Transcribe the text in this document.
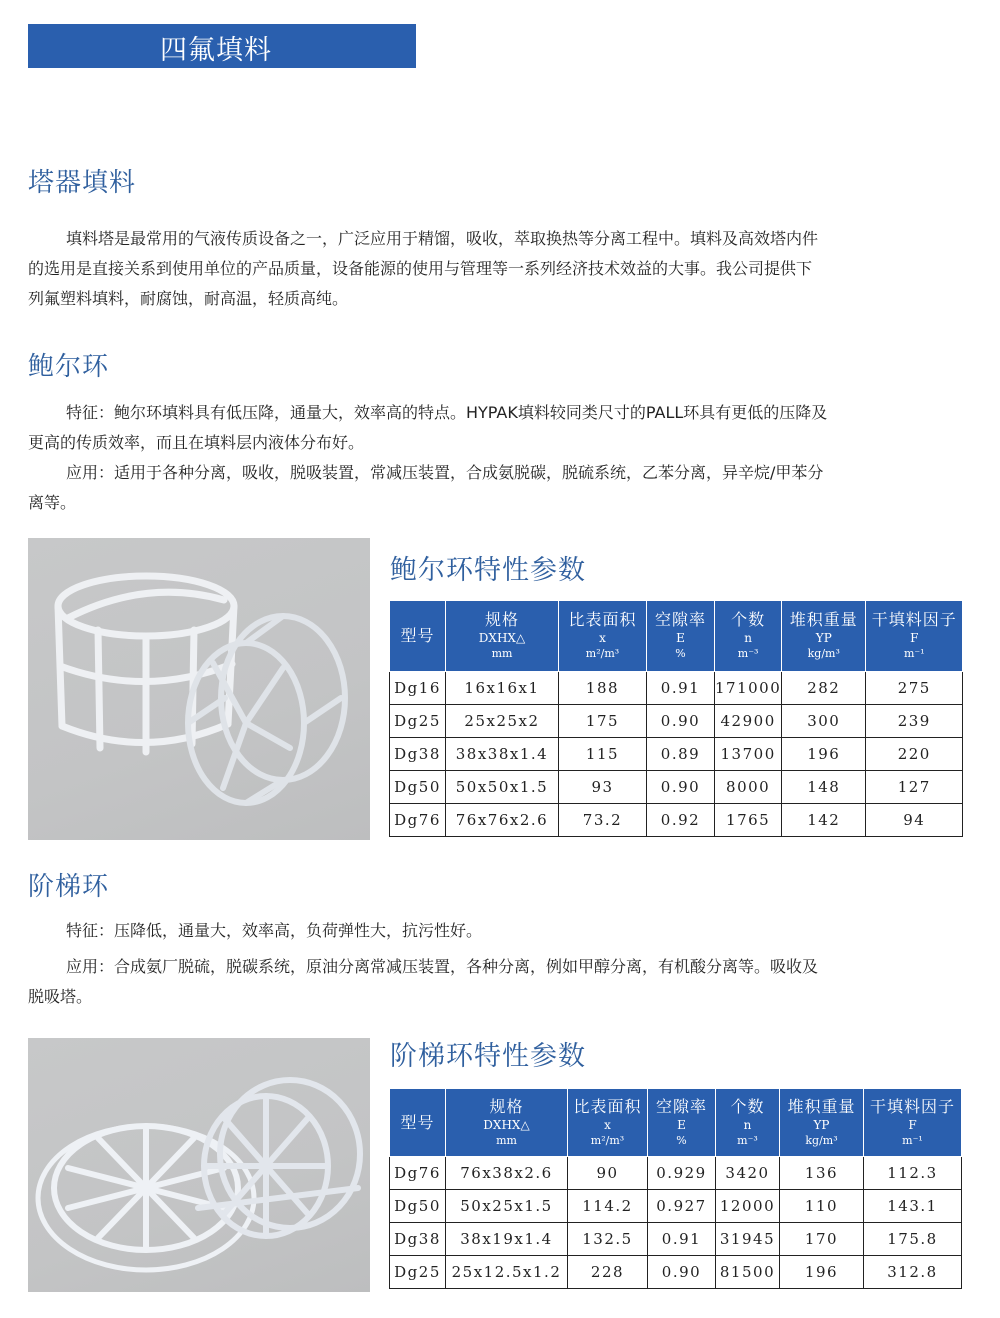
四氟填料
塔器填料
填料塔是最常用的气液传质设备之一，广泛应用于精馏，吸收，萃取换热等分离工程中。填料及高效塔内件
的选用是直接关系到使用单位的产品质量，设备能源的使用与管理等一系列经济技术效益的大事。我公司提供下
列氟塑料填料，耐腐蚀，耐高温，轻质高纯。
鲍尔环
特征：鲍尔环填料具有低压降，通量大，效率高的特点。HYPAK填料较同类尺寸的PALL环具有更低的压降及
更高的传质效率，而且在填料层内液体分布好。
应用：适用于各种分离，吸收，脱吸装置，常减压装置，合成氨脱碳，脱硫系统，乙苯分离，异辛烷/甲苯分
离等。
鲍尔环特性参数
型号	规格
DXHX△
mm	比表面积
x
m²/m³	空隙率
E
%	个数
n
m⁻³	堆积重量
YP
kg/m³	干填料因子
F
m⁻¹

Dg16	16x16x1	188	0.91	171000	282	275
Dg25	25x25x2	175	0.90	42900	300	239
Dg38	38x38x1.4	115	0.89	13700	196	220
Dg50	50x50x1.5	93	0.90	8000	148	127
Dg76	76x76x2.6	73.2	0.92	1765	142	94
阶梯环
特征：压降低，通量大，效率高，负荷弹性大，抗污性好。
应用：合成氨厂脱硫，脱碳系统，原油分离常减压装置，各种分离，例如甲醇分离，有机酸分离等。吸收及
脱吸塔。
阶梯环特性参数
型号	规格
DXHX△
mm	比表面积
x
m²/m³	空隙率
E
%	个数
n
m⁻³	堆积重量
YP
kg/m³	干填料因子
F
m⁻¹

Dg76	76x38x2.6	90	0.929	3420	136	112.3
Dg50	50x25x1.5	114.2	0.927	12000	110	143.1
Dg38	38x19x1.4	132.5	0.91	31945	170	175.8
Dg25	25x12.5x1.2	228	0.90	81500	196	312.8
